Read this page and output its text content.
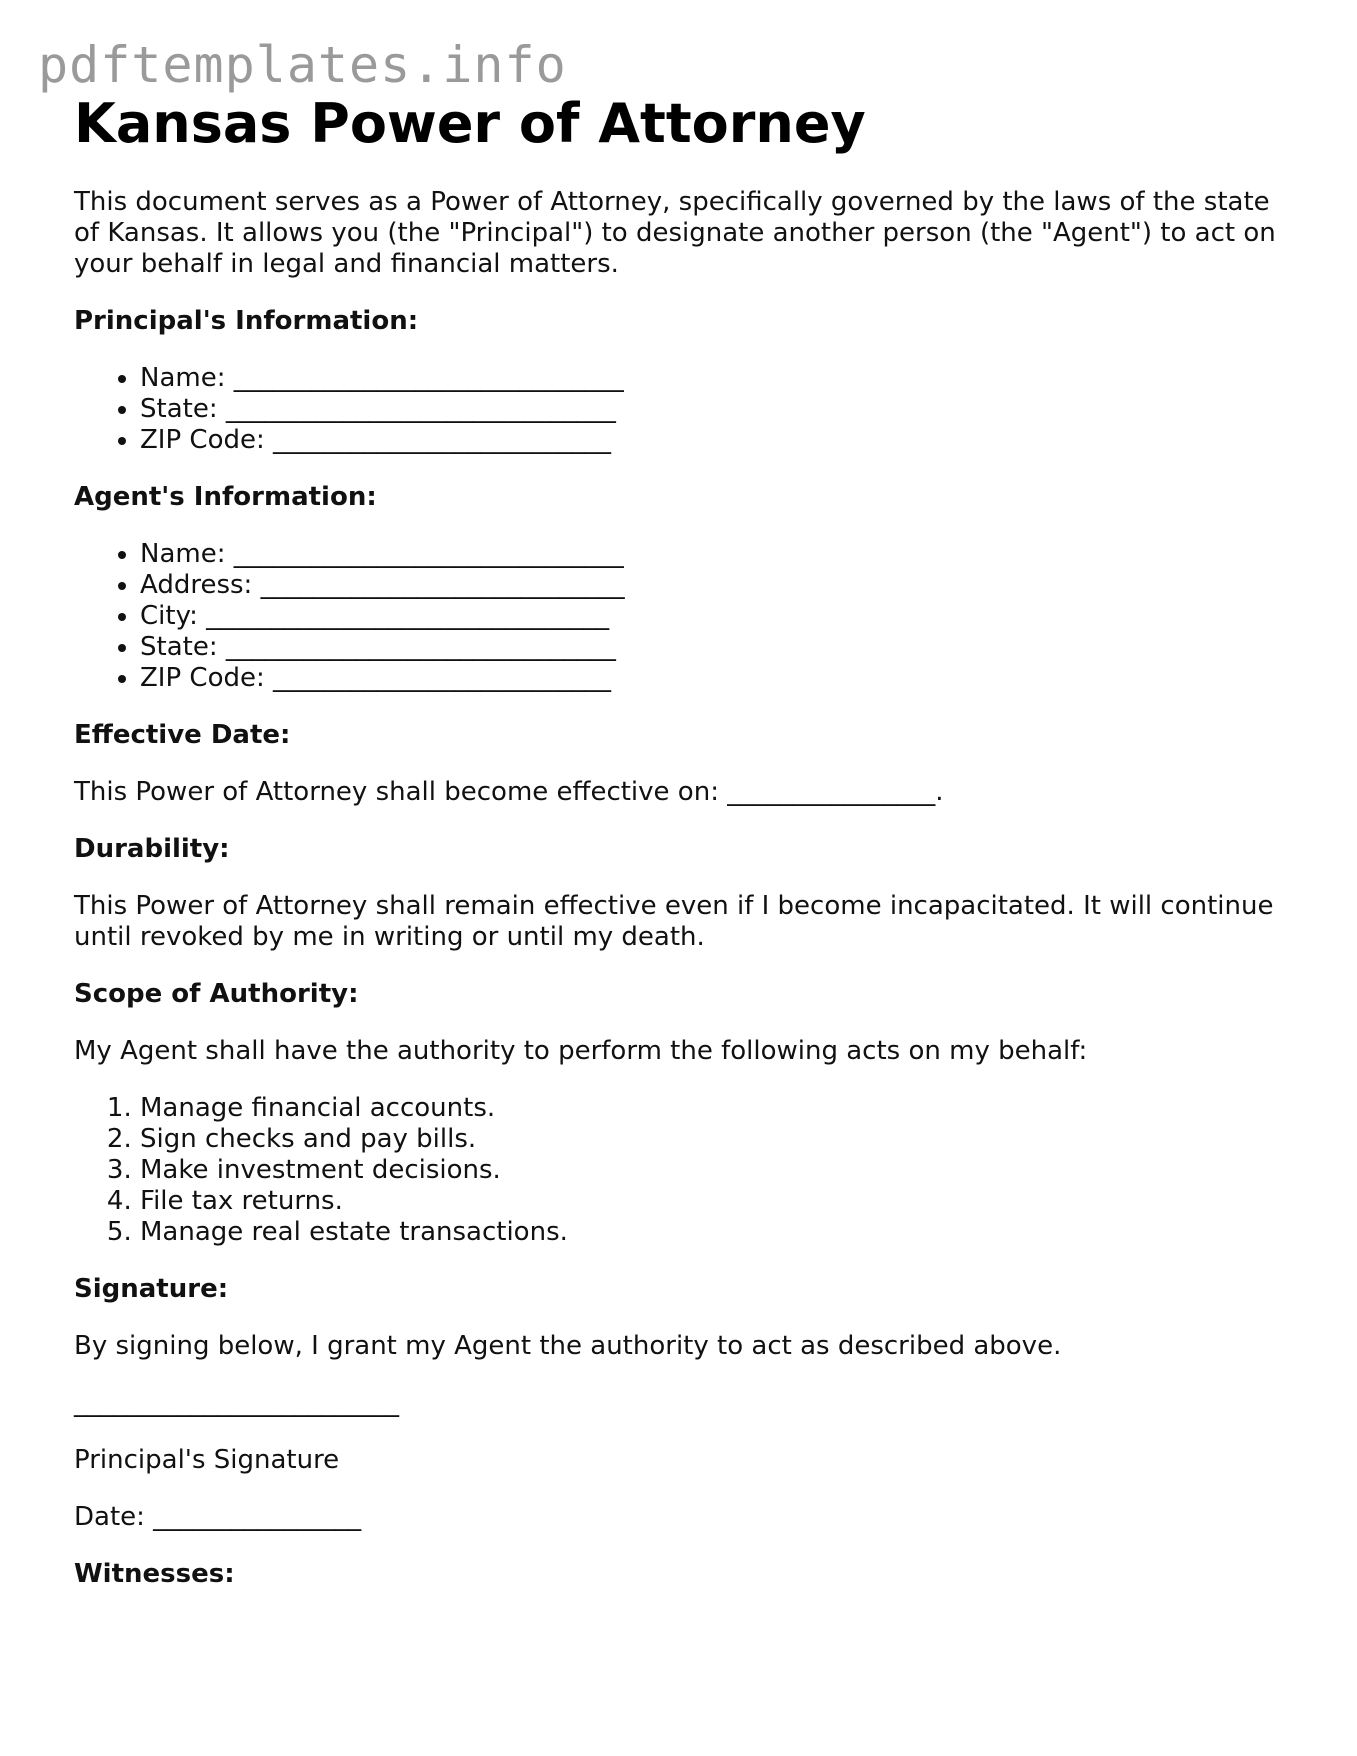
pdftemplates.info
Kansas Power of Attorney

This document serves as a Power of Attorney, specifically governed by the laws of the state of Kansas. It allows you (the "Principal") to designate another person (the "Agent") to act on your behalf in legal and financial matters.

Principal's Information:
• Name: ______________________________
• State: ______________________________
• ZIP Code: __________________________
Agent's Information:
• Name: ______________________________
• Address: ____________________________
• City: _______________________________
• State: ______________________________
• ZIP Code: __________________________
Effective Date:

This Power of Attorney shall become effective on: ________________.

Durability:

This Power of Attorney shall remain effective even if I become incapacitated. It will continue until revoked by me in writing or until my death.

Scope of Authority:

My Agent shall have the authority to perform the following acts on my behalf:

1. Manage financial accounts.
2. Sign checks and pay bills.
3. Make investment decisions.
4. File tax returns.
5. Manage real estate transactions.
Signature:

By signing below, I grant my Agent the authority to act as described above.

_________________________

Principal's Signature

Date: ________________

Witnesses:
